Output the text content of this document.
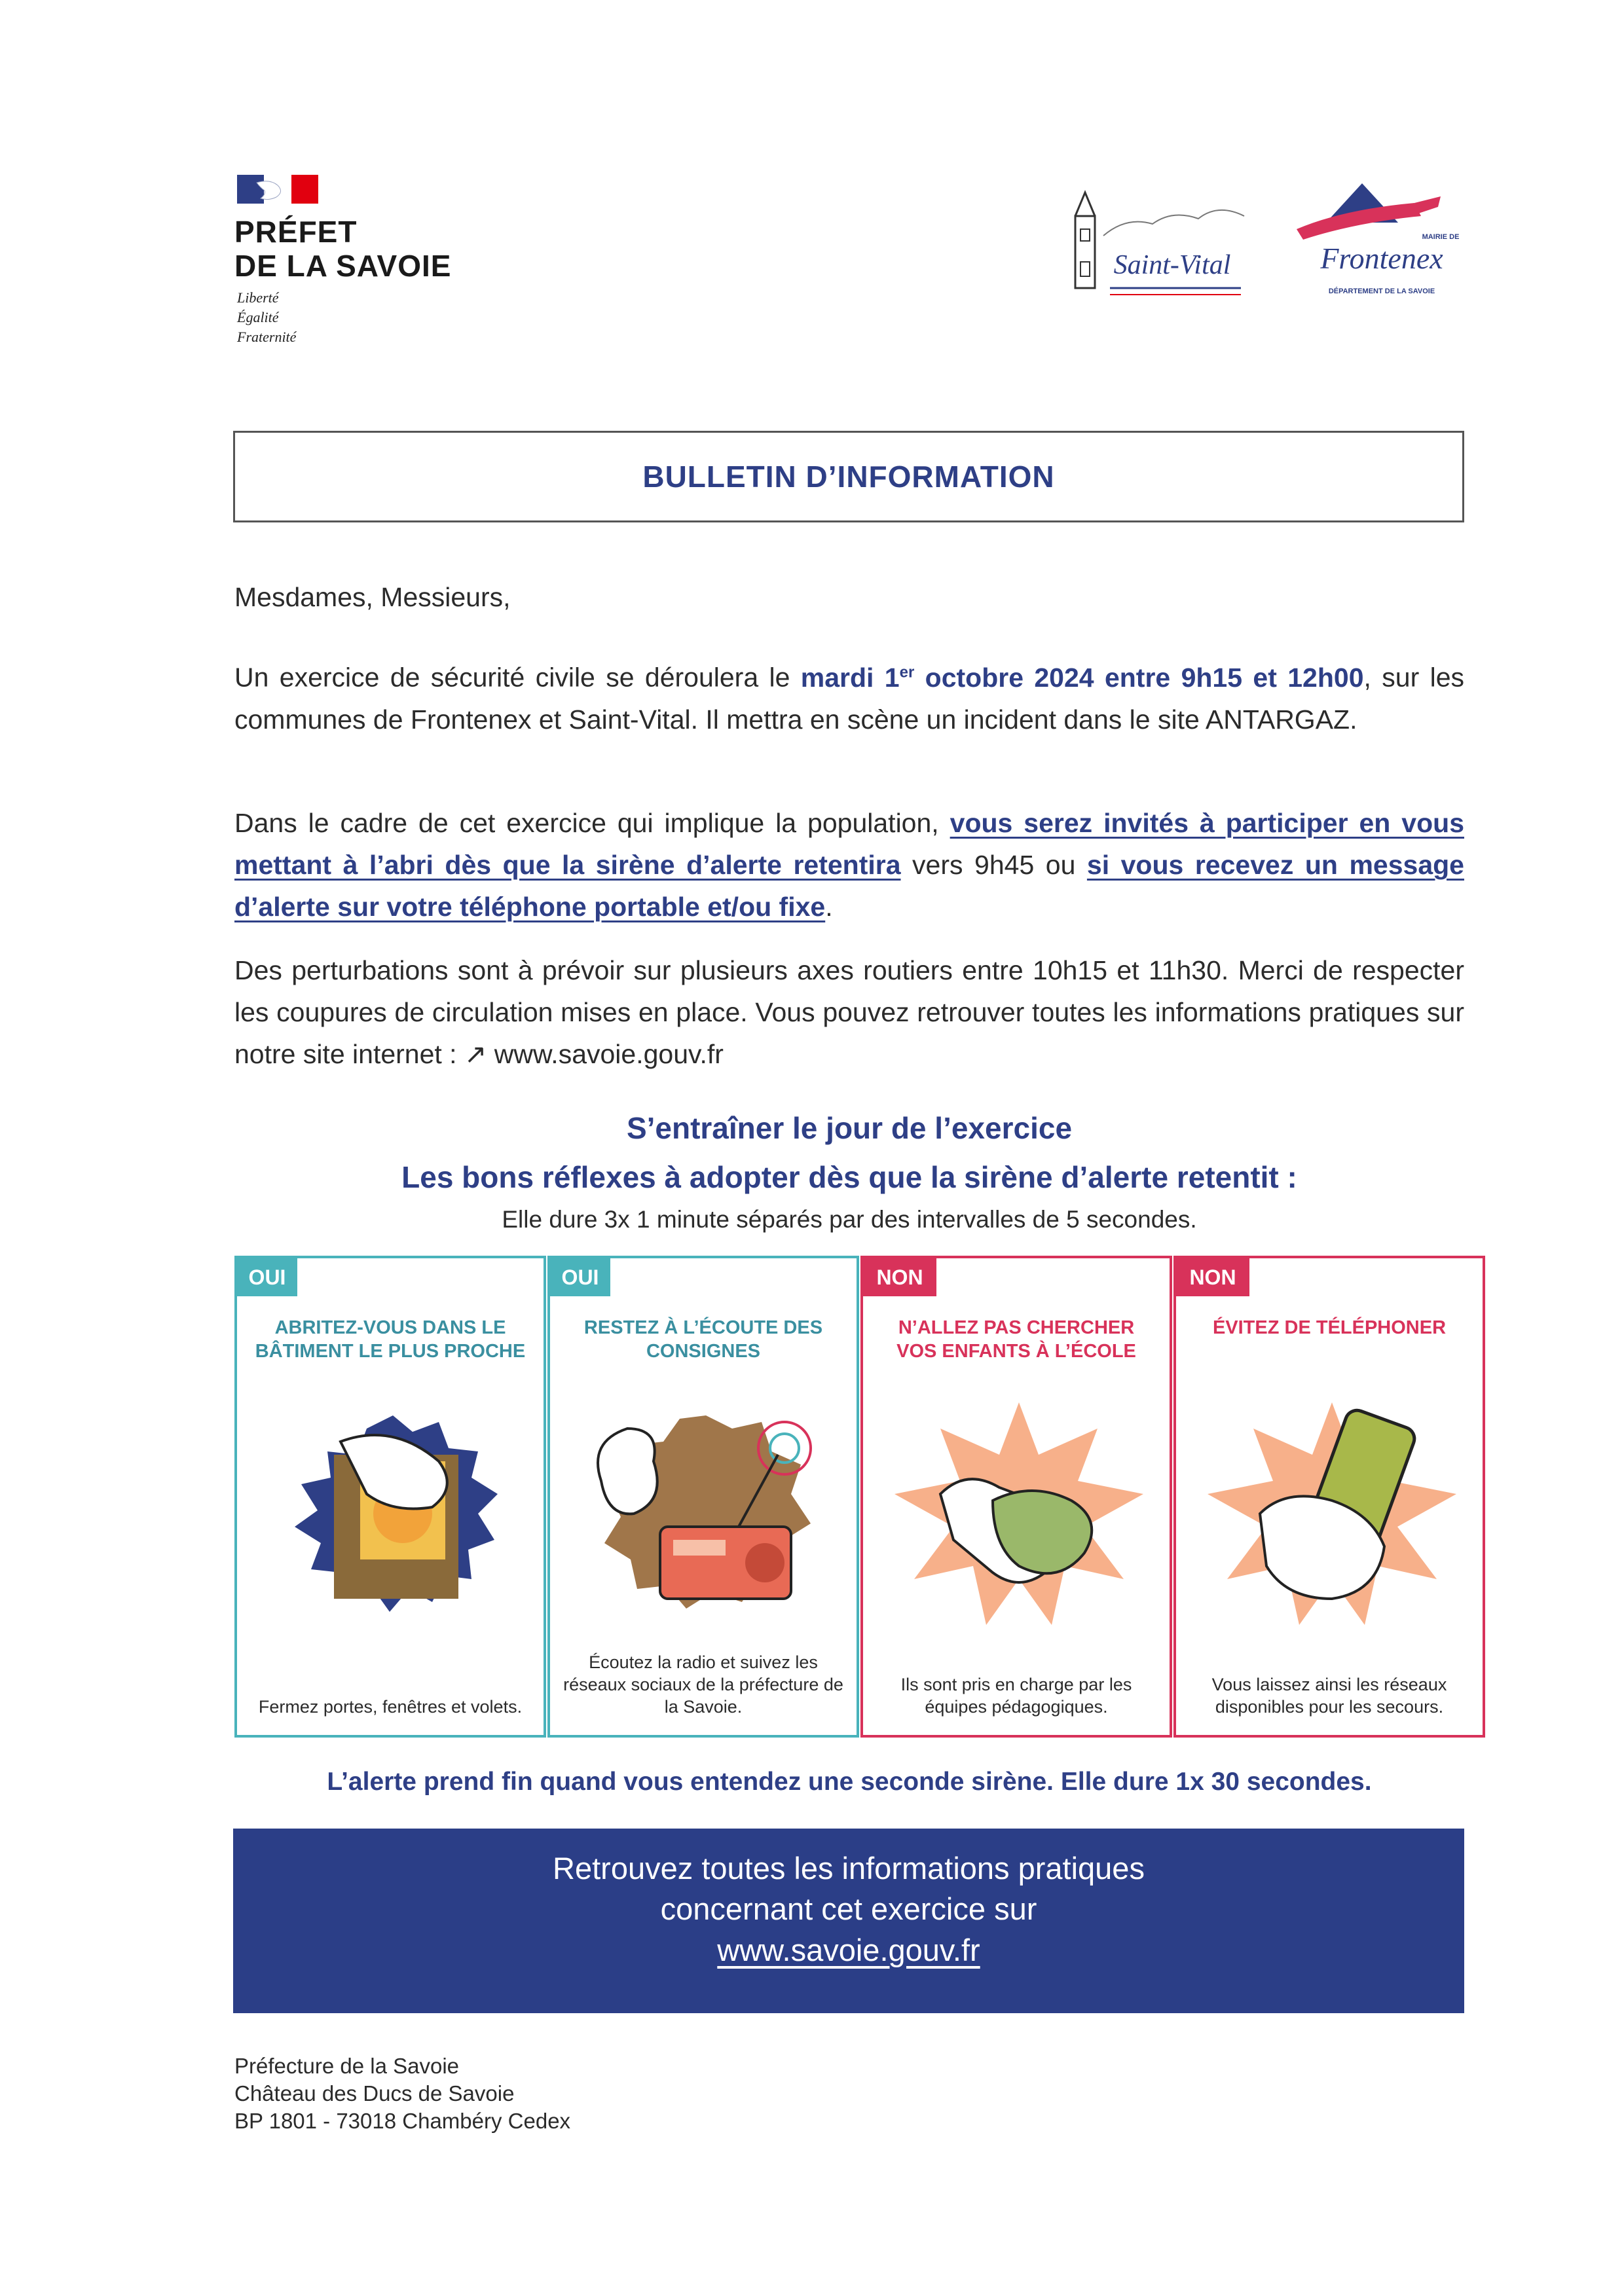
PRÉFET
DE LA SAVOIE
Liberté
Égalité
Fraternité
Saint-Vital
MAIRIE DE
Frontenex
DÉPARTEMENT DE LA SAVOIE
BULLETIN D’INFORMATION
Mesdames, Messieurs,
Un exercice de sécurité civile se déroulera le mardi 1er octobre 2024 entre 9h15 et 12h00, sur les communes de Frontenex et Saint-Vital. Il mettra en scène un incident dans le site ANTARGAZ.
Dans le cadre de cet exercice qui implique la population, vous serez invités à participer en vous mettant à l’abri dès que la sirène d’alerte retentira vers 9h45 ou si vous recevez un message d’alerte sur votre téléphone portable et/ou fixe.
Des perturbations sont à prévoir sur plusieurs axes routiers entre 10h15 et 11h30. Merci de respecter les coupures de circulation mises en place. Vous pouvez retrouver toutes les informations pratiques sur notre site internet : ↗ www.savoie.gouv.fr
S’entraîner le jour de l’exercice
Les bons réflexes à adopter dès que la sirène d’alerte retentit :
Elle dure 3x 1 minute séparés par des intervalles de 5 secondes.
OUI
ABRITEZ-VOUS DANS LE BÂTIMENT LE PLUS PROCHE
Fermez portes, fenêtres et volets.
OUI
RESTEZ À L’ÉCOUTE DES CONSIGNES
Écoutez la radio et suivez les réseaux sociaux de la préfecture de la Savoie.
NON
N’ALLEZ PAS CHERCHER VOS ENFANTS À L’ÉCOLE
Ils sont pris en charge par les équipes pédagogiques.
NON
ÉVITEZ DE TÉLÉPHONER
Vous laissez ainsi les réseaux disponibles pour les secours.
L’alerte prend fin quand vous entendez une seconde sirène. Elle dure 1x 30 secondes.
Retrouvez toutes les informations pratiques
concernant cet exercice sur
www.savoie.gouv.fr
Préfecture de la Savoie
Château des Ducs de Savoie
BP 1801 - 73018 Chambéry Cedex
